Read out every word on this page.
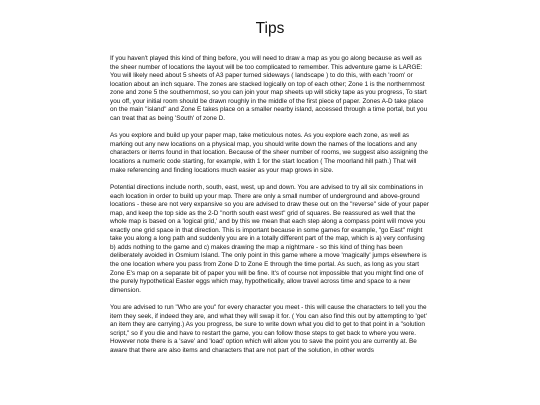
Tips

If you haven't played this kind of thing before, you will need to draw a map as you go along because as well as the sheer number of locations the layout will be too complicated to remember. This adventure game is LARGE: You will likely need about 5 sheets of A3 paper turned sideways ( landscape ) to do this, with each 'room' or location about an inch square. The zones are stacked logically on top of each other; Zone 1 is the northernmost zone and zone 5 the southernmost, so you can join your map sheets up will sticky tape as you progress, To start you off, your initial room should be drawn roughly in the middle of the first piece of paper. Zones A-D take place on the main "island" and Zone E takes place on a smaller nearby island, accessed through a time portal, but you can treat that as being 'South' of zone D.

As you explore and build up your paper map, take meticulous notes. As you explore each zone, as well as marking out any new locations on a physical map, you should write down the names of the locations and any characters or items found in that location. Because of the sheer number of rooms, we suggest also assigning the locations a numeric code starting, for example, with 1 for the start location ( The moorland hill path.) That will make referencing and finding locations much easier as your map grows in size.

Potential directions include north, south, east, west, up and down. You are advised to try all six combinations in each location in order to build up your map. There are only a small number of underground and above-ground locations - these are not very expansive so you are advised to draw these out on the "reverse" side of your paper map, and keep the top side as the 2-D "north south east west" grid of squares. Be reassured as well that the whole map is based on a 'logical grid,' and by this we mean that each step along a compass point will move you exactly one grid space in that direction. This is important because in some games for example, "go East" might take you along a long path and suddenly you are in a totally different part of the map, which is a) very confusing b) adds nothing to the game and c) makes drawing the map a nightmare - so this kind of thing has been deliberately avoided in Osmium Island. The only point in this game where a move 'magically' jumps elsewhere is the one location where you pass from Zone D to Zone E through the time portal. As such, as long as you start Zone E's map on a separate bit of paper you will be fine. It's of course not impossible that you might find one of the purely hypothetical Easter eggs which may, hypothetically, allow travel across time and space to a new dimension.

You are advised to run "Who are you" for every character you meet - this will cause the characters to tell you the item they seek, if indeed they are, and what they will swap it for. ( You can also find this out by attempting to 'get' an item they are carrying.) As you progress, be sure to write down what you did to get to that point in a "solution script," so if you die and have to restart the game, you can follow those steps to get back to where you were. However note there is a 'save' and 'load' option which will allow you to save the point you are currently at. Be aware that there are also items and characters that are not part of the solution, in other words
